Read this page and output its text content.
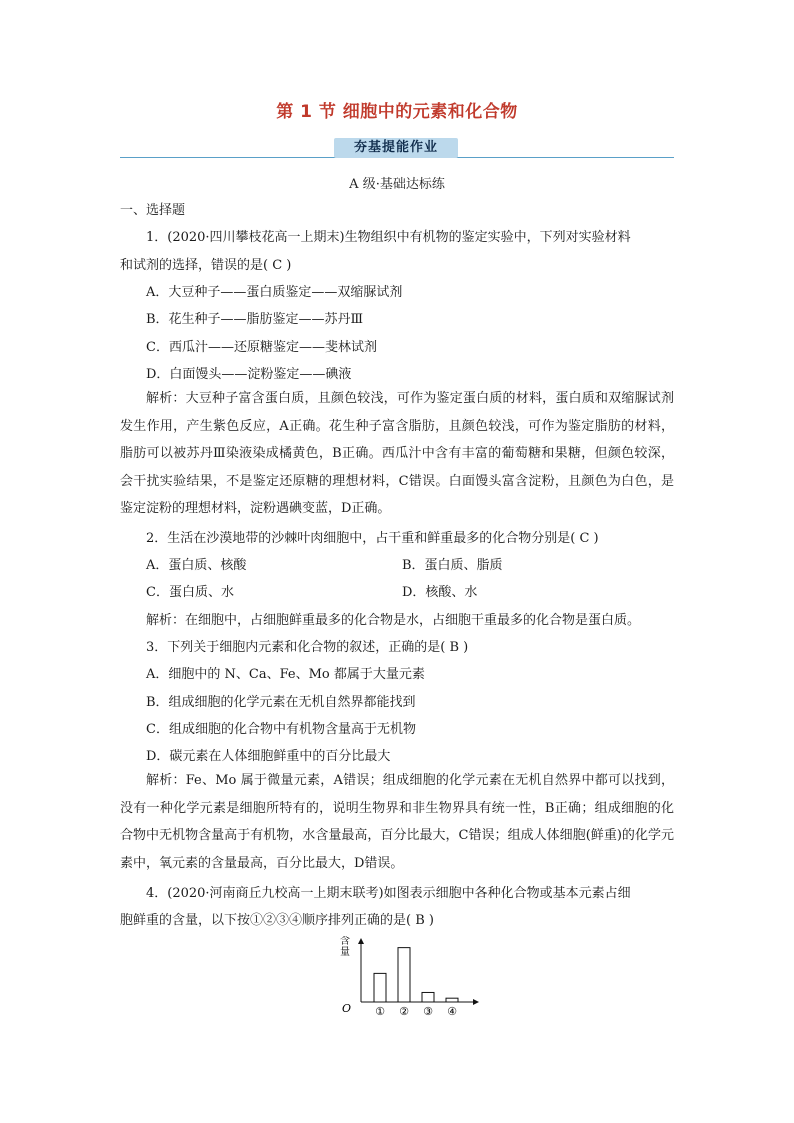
第 1 节 细胞中的元素和化合物
夯基提能作业
A 级·基础达标练
一、选择题
1．(2020·四川攀枝花高一上期末)生物组织中有机物的鉴定实验中，下列对实验材料
和试剂的选择，错误的是( C )
A．大豆种子——蛋白质鉴定——双缩脲试剂
B．花生种子——脂肪鉴定——苏丹Ⅲ
C．西瓜汁——还原糖鉴定——斐林试剂
D．白面馒头——淀粉鉴定——碘液
解析：大豆种子富含蛋白质，且颜色较浅，可作为鉴定蛋白质的材料，蛋白质和双缩脲试剂发生作用，产生紫色反应，A正确。花生种子富含脂肪，且颜色较浅，可作为鉴定脂肪的材料，脂肪可以被苏丹Ⅲ染液染成橘黄色，B正确。西瓜汁中含有丰富的葡萄糖和果糖，但颜色较深，会干扰实验结果，不是鉴定还原糖的理想材料，C错误。白面馒头富含淀粉，且颜色为白色，是鉴定淀粉的理想材料，淀粉遇碘变蓝，D正确。
2．生活在沙漠地带的沙棘叶肉细胞中，占干重和鲜重最多的化合物分别是( C )
A．蛋白质、核酸	B．蛋白质、脂质
C．蛋白质、水	D．核酸、水
解析：在细胞中，占细胞鲜重最多的化合物是水，占细胞干重最多的化合物是蛋白质。
3．下列关于细胞内元素和化合物的叙述，正确的是( B )
A．细胞中的 N、Ca、Fe、Mo 都属于大量元素
B．组成细胞的化学元素在无机自然界都能找到
C．组成细胞的化合物中有机物含量高于无机物
D．碳元素在人体细胞鲜重中的百分比最大
解析：Fe、Mo 属于微量元素，A错误；组成细胞的化学元素在无机自然界中都可以找到，没有一种化学元素是细胞所特有的，说明生物界和非生物界具有统一性，B正确；组成细胞的化合物中无机物含量高于有机物，水含量最高，百分比最大，C错误；组成人体细胞(鲜重)的化学元素中，氧元素的含量最高，百分比最大，D错误。
4．(2020·河南商丘九校高一上期末联考)如图表示细胞中各种化合物或基本元素占细
胞鲜重的含量，以下按①②③④顺序排列正确的是( B )
含
量
O ① ② ③ ④
